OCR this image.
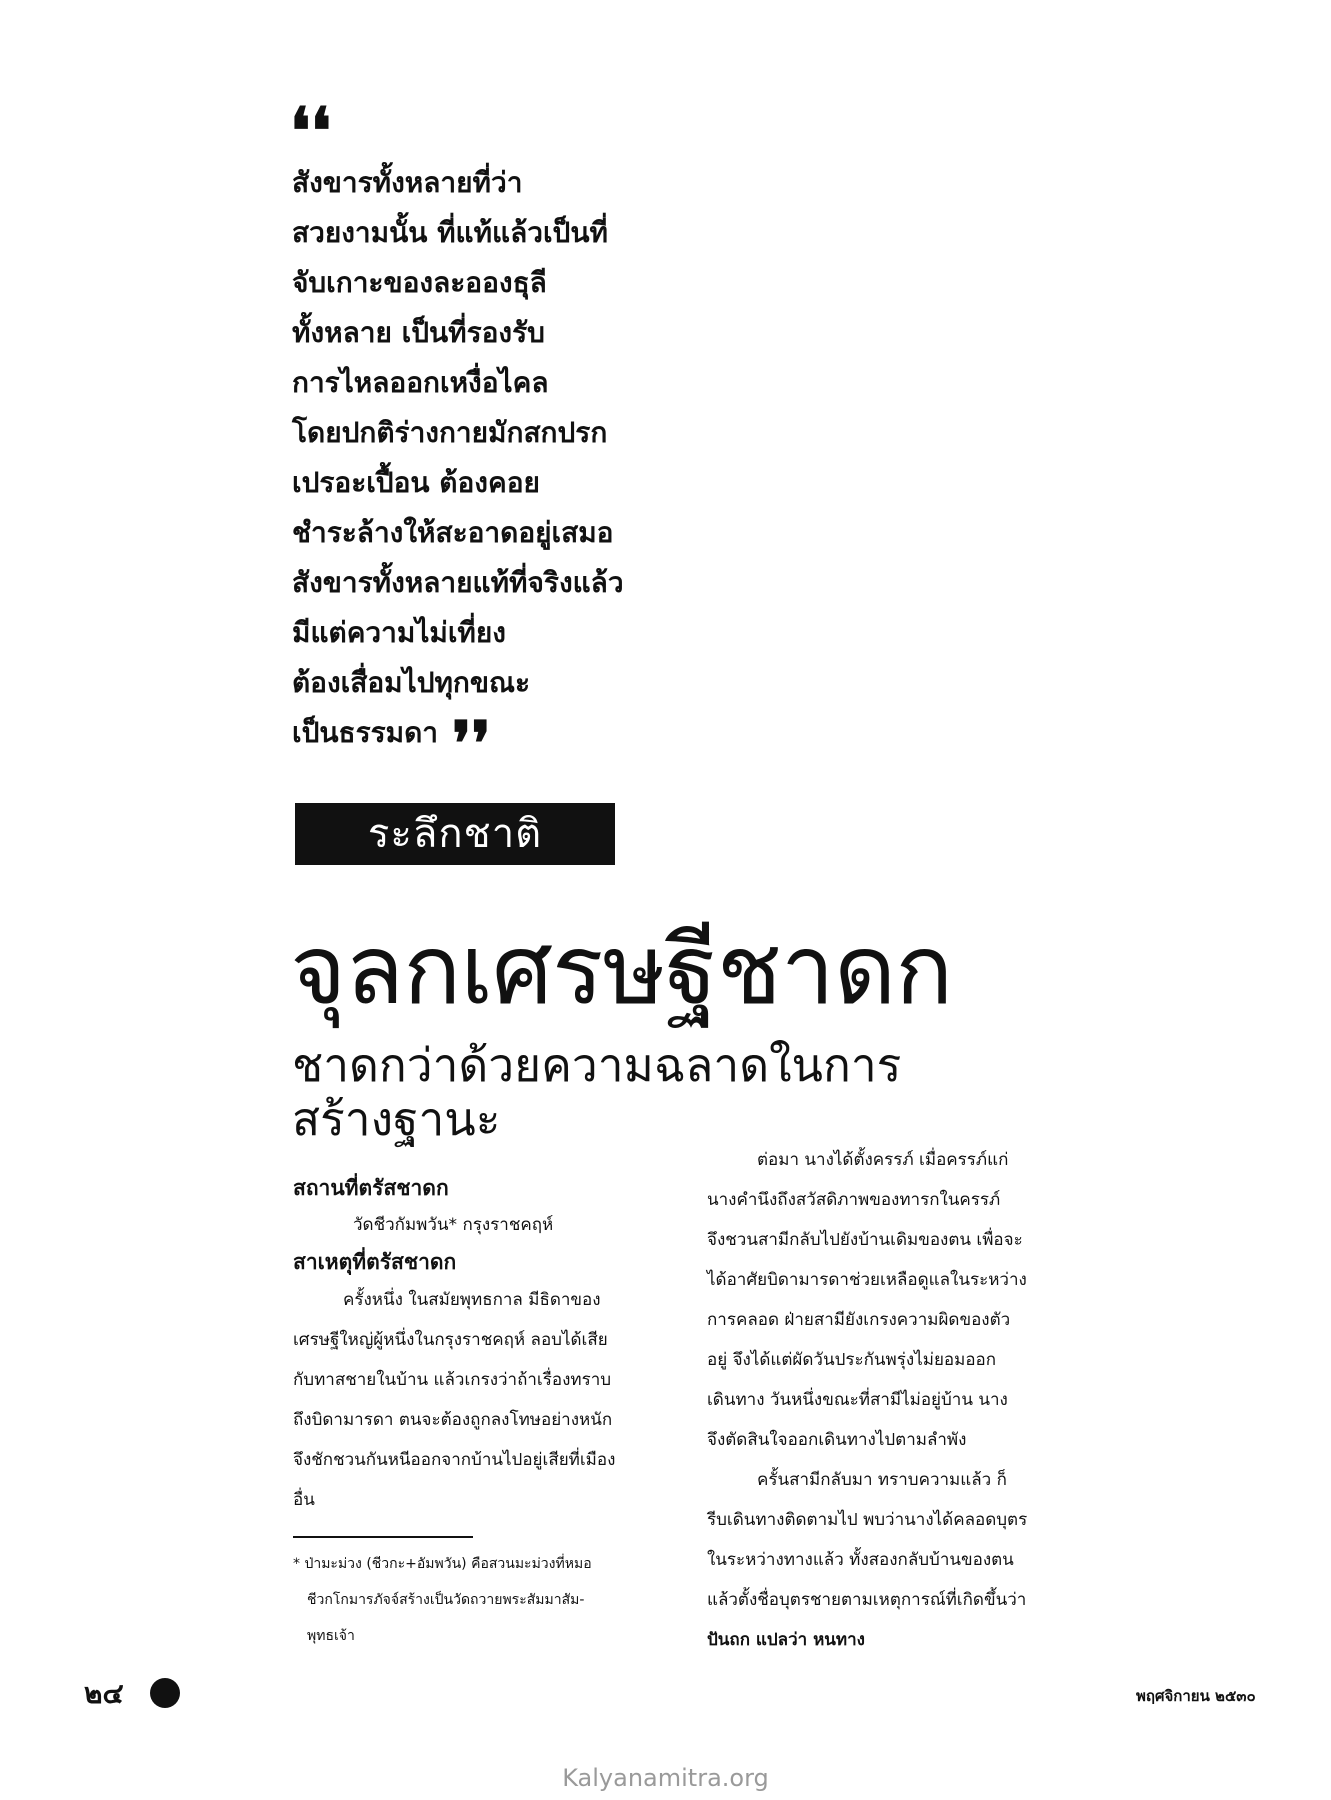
❛❛
สังขารทั้งหลายที่ว่า
สวยงามนั้น ที่แท้แล้วเป็นที่
จับเกาะของละอองธุลี
ทั้งหลาย เป็นที่รองรับ
การไหลออกเหงื่อไคล
โดยปกติร่างกายมักสกปรก
เปรอะเปื้อน ต้องคอย
ชำระล้างให้สะอาดอยู่เสมอ
สังขารทั้งหลายแท้ที่จริงแล้ว
มีแต่ความไม่เที่ยง
ต้องเสื่อมไปทุกขณะ
เป็นธรรมดา ❜❜
ระลึกชาติ
จุลกเศรษฐีชาดก
ชาดกว่าด้วยความฉลาดในการสร้างฐานะ
สถานที่ตรัสชาดก
วัดชีวกัมพวัน* กรุงราชคฤห์
สาเหตุที่ตรัสชาดก
ครั้งหนึ่ง ในสมัยพุทธกาล มีธิดาของ
เศรษฐีใหญ่ผู้หนึ่งในกรุงราชคฤห์ ลอบได้เสีย
กับทาสชายในบ้าน แล้วเกรงว่าถ้าเรื่องทราบ
ถึงบิดามารดา ตนจะต้องถูกลงโทษอย่างหนัก
จึงชักชวนกันหนีออกจากบ้านไปอยู่เสียที่เมือง
อื่น
* ป่ามะม่วง (ชีวกะ+อัมพวัน) คือสวนมะม่วงที่หมอ
ชีวกโกมารภัจจ์สร้างเป็นวัดถวายพระสัมมาสัม-
พุทธเจ้า
ต่อมา นางได้ตั้งครรภ์ เมื่อครรภ์แก่
นางคำนึงถึงสวัสดิภาพของทารกในครรภ์
จึงชวนสามีกลับไปยังบ้านเดิมของตน เพื่อจะ
ได้อาศัยบิดามารดาช่วยเหลือดูแลในระหว่าง
การคลอด ฝ่ายสามียังเกรงความผิดของตัว
อยู่ จึงได้แต่ผัดวันประกันพรุ่งไม่ยอมออก
เดินทาง วันหนึ่งขณะที่สามีไม่อยู่บ้าน นาง
จึงตัดสินใจออกเดินทางไปตามลำพัง
ครั้นสามีกลับมา ทราบความแล้ว ก็
รีบเดินทางติดตามไป พบว่านางได้คลอดบุตร
ในระหว่างทางแล้ว ทั้งสองกลับบ้านของตน
แล้วตั้งชื่อบุตรชายตามเหตุการณ์ที่เกิดขึ้นว่า
ปันถก แปลว่า หนทาง
๒๔	พฤศจิกายน ๒๕๓๐
Kalyanamitra.org
